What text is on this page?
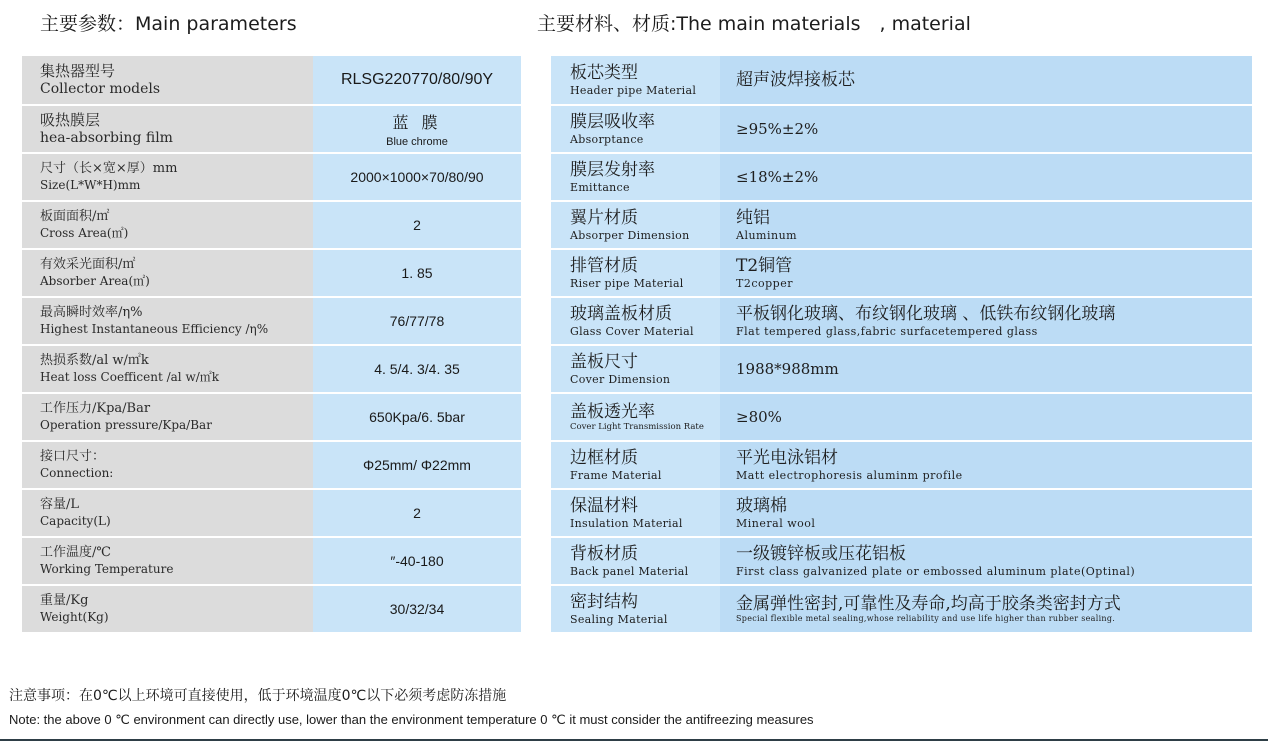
主要参数：Main parameters	主要材料、材质:The main materials　, material
集热器型号
Collector models	RLSG220770/80/90Y

吸热膜层
hea-absorbing film	蓝 膜
Blue chrome

尺寸（长×宽×厚）mm
Size(L*W*H)mm	2000×1000×70/80/90

板面面积/㎡
Cross Area(㎡)	2

有效采光面积/㎡
Absorber Area(㎡)	1. 85

最高瞬时效率/η%
Highest Instantaneous Efficiency /η%	76/77/78

热损系数/al w/㎡k
Heat loss Coefficent /al w/㎡k	4. 5/4. 3/4. 35

工作压力/Kpa/Bar
Operation pressure/Kpa/Bar	650Kpa/6. 5bar

接口尺寸：
Connection:	Φ25mm/ Φ22mm

容量/L
Capacity(L)	2

工作温度/℃
Working Temperature	″-40-180

重量/Kg
Weight(Kg)	30/32/34
板芯类型
Header pipe Material	超声波焊接板芯

膜层吸收率
Absorptance	≥95%±2%

膜层发射率
Emittance	≤18%±2%

翼片材质
Absorper Dimension	纯铝
Aluminum

排管材质
Riser pipe Material	T2铜管
T2copper

玻璃盖板材质
Glass Cover Material	平板钢化玻璃、布纹钢化玻璃 、低铁布纹钢化玻璃
Flat tempered glass,fabric surfacetempered glass

盖板尺寸
Cover Dimension	1988*988mm

盖板透光率
Cover Light Transmission Rate	≥80%

边框材质
Frame Material	平光电泳铝材
Matt electrophoresis aluminm profile

保温材料
Insulation Material	玻璃棉
Mineral wool

背板材质
Back panel Material	一级镀锌板或压花铝板
First class galvanized plate or embossed aluminum plate(Optinal)

密封结构
Sealing Material	金属弹性密封,可靠性及寿命,均高于胶条类密封方式
Special flexible metal sealing,whose reliability and use life higher than rubber sealing.
注意事项：在0℃以上环境可直接使用，低于环境温度0℃以下必须考虑防冻措施
Note: the above 0 ℃ environment can directly use, lower than the environment temperature 0 ℃ it must consider the antifreezing measures
